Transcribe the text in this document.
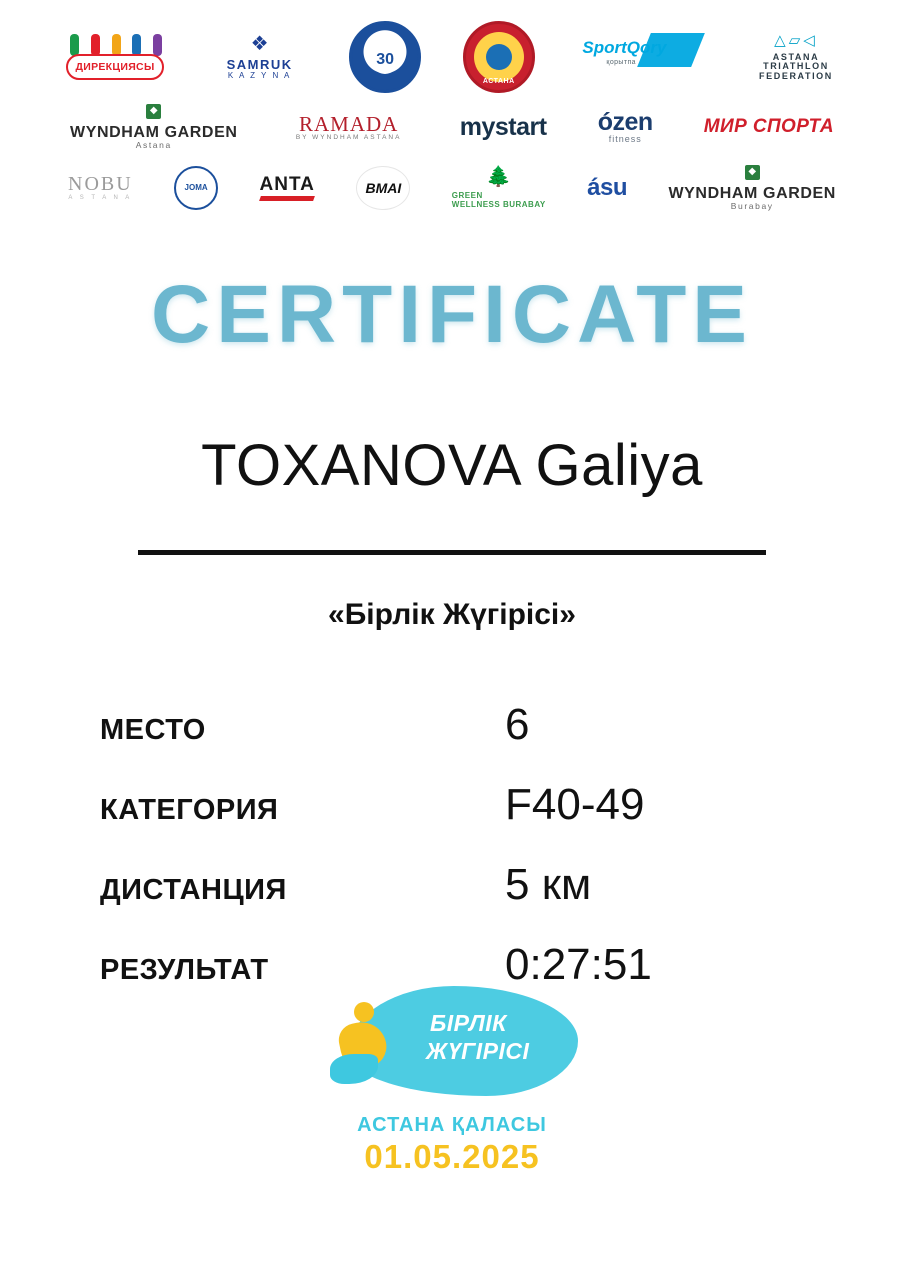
ДИРЕКЦИЯСЫ
❖
SAMRUK
K A Z Y N A
30
АСТАНА
SportQory
қорытпа
△▱◁
ASTANA TRIATHLON FEDERATION
◆
WYNDHAM GARDEN
Astana
RAMADA
BY WYNDHAM ASTANA mystart ózen
fitness
МИР СПОРТА
NOBU
A S T A N A
JOMA	ANTA	BMAI	🌲
GREEN
WELLNESS BURABAY
ásu
◆
WYNDHAM GARDEN
Burabay
CERTIFICATE
TOXANOVA Galiya
«Бірлік Жүгірісі»
МЕСТО	6
КАТЕГОРИЯ	F40-49
ДИСТАНЦИЯ	5 км
РЕЗУЛЬТАТ	0:27:51
БІРЛІК
ЖҮГІРІСІ
АСТАНА ҚАЛАСЫ
01.05.2025
